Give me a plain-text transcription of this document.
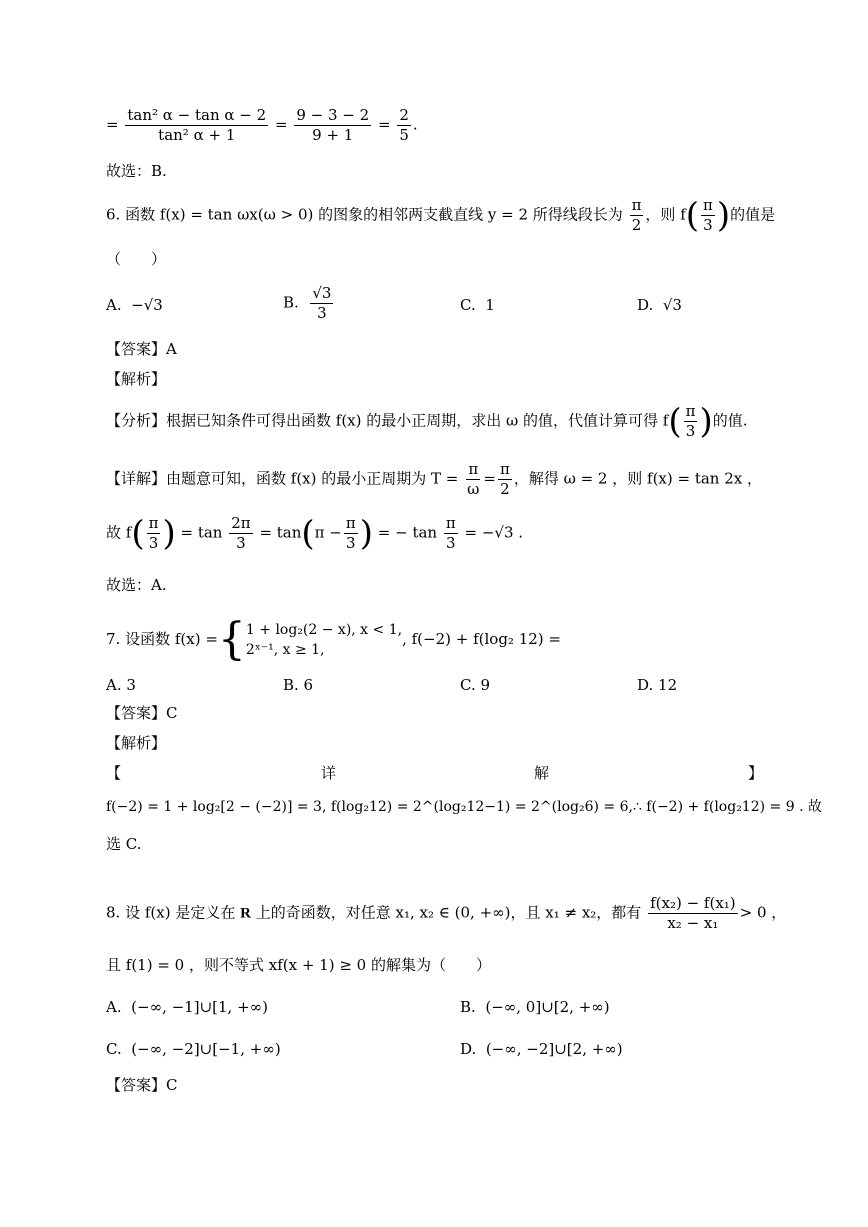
= $\frac{\text{tan² α − tan α − 2}}{\text{tan² α + 1}} = \frac{9 - 3 - 2}{9 + 1} = \frac{2}{5}$ .
故选：B.
6. 函数 f(x) = tan ωx(ω > 0) 的图象的相邻两支截直线 y = 2 所得线段长为 $\frac{\pi}{2}$ ，则 $f( \frac{\pi}{3}$ )的值是
（　　）
A. −√3	B. $\frac{√3}{3}$	C. 1	D. √3
【答案】A
【解析】
【分析】根据已知条件可得出函数 f(x) 的最小正周期，求出 ω 的值，代值计算可得 $f( \frac{\pi}{3}$ )的值.
【详解】由题意可知，函数 f(x) 的最小正周期为 $T = \frac{\pi}{\omega} = \frac{\pi}{2}$ ，解得 ω = 2 ，则 f(x) = tan 2x ，
故 $f( \frac{\pi}{3}$ ) = $\tan \frac{2\pi}{3} = \tan(\pi - \frac{\pi}{3}$ ) = − $\tan \frac{\pi}{3} = -√3$ .
故选：A.
7. 设函数 f(x) ={ 1 + log₂(2 − x), x < 1,
2ˣ⁻¹, x ≥ 1,
, f(−2) + f(log₂ 12) =
A. 3	B. 6	C. 9	D. 12
【答案】C
【解析】
【	详	解	】
f(−2) = 1 + log₂[2 − (−2)] = 3, f(log₂12) = 2^(log₂12−1) = 2^(log₂6) = 6,∴ f(−2) + f(log₂12) = 9 . 故
选 C.
8. 设 f(x) 是定义在 R 上的奇函数，对任意 x₁, x₂ ∈ (0, +∞)，且 x₁ ≠ x₂，都有 $\frac{\text{f(x₂) − f(x₁)}}{\text{x₂ − x₁}} > 0$ ，
且 f(1) = 0 ，则不等式 xf(x + 1) ≥ 0 的解集为（　　）
A. (−∞, −1]∪[1, +∞)	B. (−∞, 0]∪[2, +∞)
C. (−∞, −2]∪[−1, +∞)	D. (−∞, −2]∪[2, +∞)
【答案】C
